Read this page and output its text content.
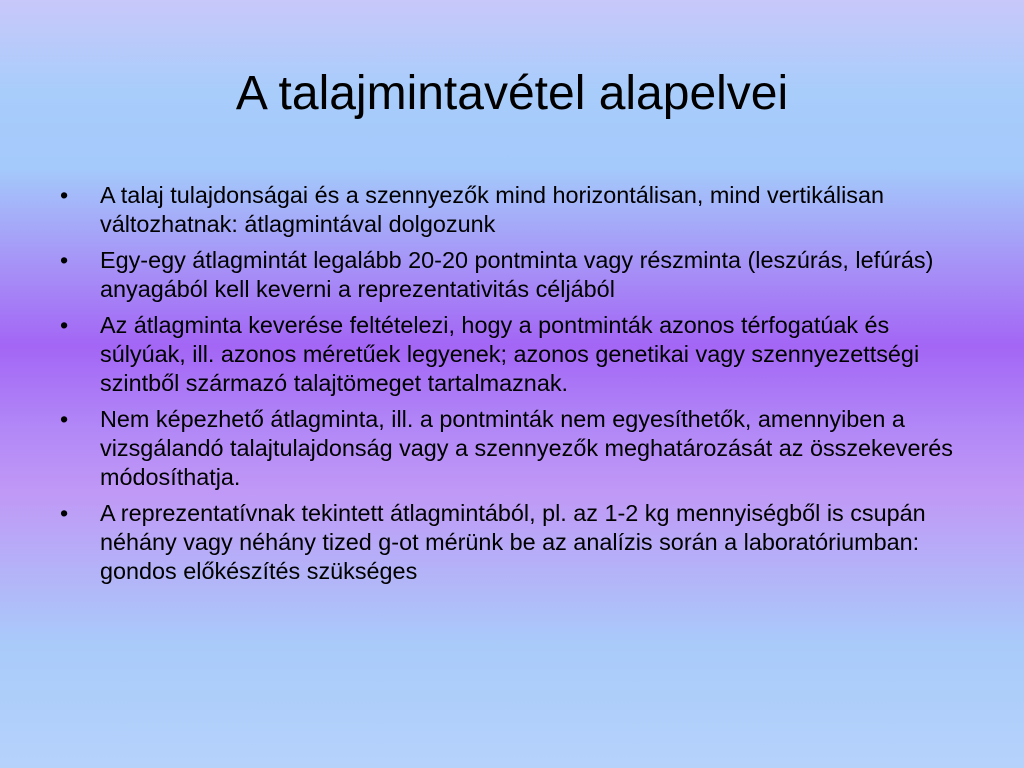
A talajmintavétel alapelvei
• A talaj tulajdonságai és a szennyezők mind horizontálisan, mind vertikálisan változhatnak: átlagmintával dolgozunk
• Egy-egy átlagmintát legalább 20-20 pontminta vagy részminta (leszúrás, lefúrás) anyagából kell keverni a reprezentativitás céljából
• Az átlagminta keverése feltételezi, hogy a pontminták azonos térfogatúak és súlyúak, ill. azonos méretűek legyenek; azonos genetikai vagy szennyezettségi szintből származó talajtömeget tartalmaznak.
• Nem képezhető átlagminta, ill. a pontminták nem egyesíthetők, amennyiben a vizsgálandó talajtulajdonság vagy a szennyezők meghatározását az összekeverés módosíthatja.
• A reprezentatívnak tekintett átlagmintából, pl. az 1-2 kg mennyiségből is csupán néhány vagy néhány tized g-ot mérünk be az analízis során a laboratóriumban: gondos előkészítés szükséges
